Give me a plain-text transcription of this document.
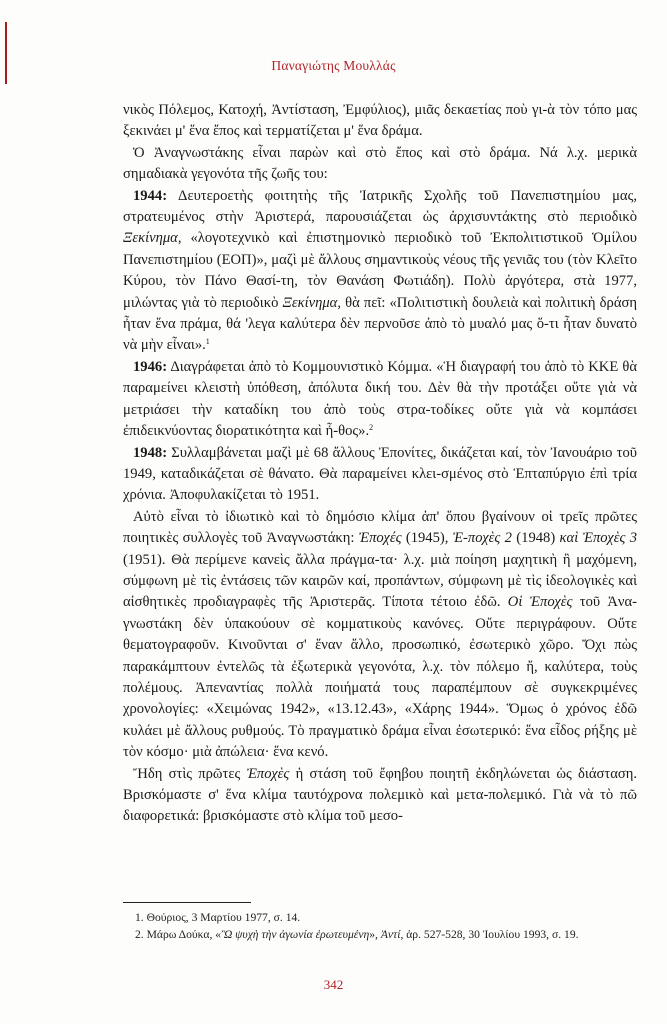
Παναγιώτης Μουλλάς

νικὸς Πόλεμος, Κατοχή, Ἀντίσταση, Ἐμφύλιος), μιᾶς δεκαετίας ποὺ γι-ὰ τὸν τόπο μας ξεκινάει μ' ἕνα ἔπος καὶ τερματίζεται μ' ἕνα δράμα.

Ὁ Ἀναγνωστάκης εἶναι παρὼν καὶ στὸ ἔπος καὶ στὸ δράμα. Νά λ.χ. μερικὰ σημαδιακὰ γεγονότα τῆς ζωῆς του:

1944: Δευτεροετὴς φοιτητὴς τῆς Ἰατρικῆς Σχολῆς τοῦ Πανεπιστημίου μας, στρατευμένος στὴν Ἀριστερά, παρουσιάζεται ὡς ἀρχισυντάκτης στὸ περιοδικὸ Ξεκίνημα, «λογοτεχνικὸ καὶ ἐπιστημονικὸ περιοδικὸ τοῦ Ἐκπολιτιστικοῦ Ὁμίλου Πανεπιστημίου (ΕΟΠ)», μαζὶ μὲ ἄλλους σημαντικοὺς νέους τῆς γενιᾶς του (τὸν Κλεῖτο Κύρου, τὸν Πάνο Θασί-τη, τὸν Θανάση Φωτιάδη). Πολὺ ἀργότερα, στὰ 1977, μιλώντας γιὰ τὸ περιοδικὸ Ξεκίνημα, θὰ πεῖ: «Πολιτιστικὴ δουλειὰ καὶ πολιτικὴ δράση ἦταν ἕνα πράμα, θά 'λεγα καλύτερα δὲν περνοῦσε ἀπὸ τὸ μυαλό μας ὅ-τι ἦταν δυνατὸ νὰ μὴν εἶναι».$^1$

1946: Διαγράφεται ἀπὸ τὸ Κομμουνιστικὸ Κόμμα. «Ἡ διαγραφή του ἀπὸ τὸ ΚΚΕ θὰ παραμείνει κλειστὴ ὑπόθεση, ἀπόλυτα δική του. Δὲν θὰ τὴν προτάξει οὔτε γιὰ νὰ μετριάσει τὴν καταδίκη του ἀπὸ τοὺς στρα-τοδίκες οὔτε γιὰ νὰ κομπάσει ἐπιδεικνύοντας διορατικότητα καὶ ἦ-θος».$^2$

1948: Συλλαμβάνεται μαζὶ μὲ 68 ἄλλους Ἐπονίτες, δικάζεται καί, τὸν Ἰανουάριο τοῦ 1949, καταδικάζεται σὲ θάνατο. Θὰ παραμείνει κλει-σμένος στὸ Ἑπταπύργιο ἐπὶ τρία χρόνια. Ἀποφυλακίζεται τὸ 1951.

Αὐτὸ εἶναι τὸ ἰδιωτικὸ καὶ τὸ δημόσιο κλίμα ἀπ' ὅπου βγαίνουν οἱ τρεῖς πρῶτες ποιητικὲς συλλογὲς τοῦ Ἀναγνωστάκη: Ἐποχές (1945), Ἐ-ποχὲς 2 (1948) καὶ Ἐποχὲς 3 (1951). Θὰ περίμενε κανεὶς ἄλλα πράγμα-τα· λ.χ. μιὰ ποίηση μαχητικὴ ἢ μαχόμενη, σύμφωνη μὲ τὶς ἐντάσεις τῶν καιρῶν καί, προπάντων, σύμφωνη μὲ τὶς ἰδεολογικὲς καὶ αἰσθητικὲς προδιαγραφὲς τῆς Ἀριστερᾶς. Τίποτα τέτοιο ἐδῶ. Οἱ Ἐποχὲς τοῦ Ἀνα-γνωστάκη δὲν ὑπακούουν σὲ κομματικοὺς κανόνες. Οὔτε περιγράφουν. Οὔτε θεματογραφοῦν. Κινοῦνται σ' ἕναν ἄλλο, προσωπικό, ἐσωτερικὸ χῶρο. Ὄχι πὼς παρακάμπτουν ἐντελῶς τὰ ἐξωτερικὰ γεγονότα, λ.χ. τὸν πόλεμο ἤ, καλύτερα, τοὺς πολέμους. Ἀπεναντίας πολλὰ ποιήματά τους παραπέμπουν σὲ συγκεκριμένες χρονολογίες: «Χειμώνας 1942», «13.12.43», «Χάρης 1944». Ὅμως ὁ χρόνος ἐδῶ κυλάει μὲ ἄλλους ρυθμούς. Τὸ πραγματικὸ δράμα εἶναι ἐσωτερικό: ἕνα εἶδος ρήξης μὲ τὸν κόσμο· μιὰ ἀπώλεια· ἕνα κενό.

Ἤδη στὶς πρῶτες Ἐποχὲς ἡ στάση τοῦ ἔφηβου ποιητῆ ἐκδηλώνεται ὡς διάσταση. Βρισκόμαστε σ' ἕνα κλίμα ταυτόχρονα πολεμικὸ καὶ μετα-πολεμικό. Γιὰ νὰ τὸ πῶ διαφορετικά: βρισκόμαστε στὸ κλίμα τοῦ μεσο-

1. Θούριος, 3 Μαρτίου 1977, σ. 14.

2. Μάρω Δούκα, «Ὢ ψυχὴ τὴν ἀγωνία ἐρωτευμένη», Ἀντί, ἀρ. 527-528, 30 Ἰουλίου 1993, σ. 19.

342
